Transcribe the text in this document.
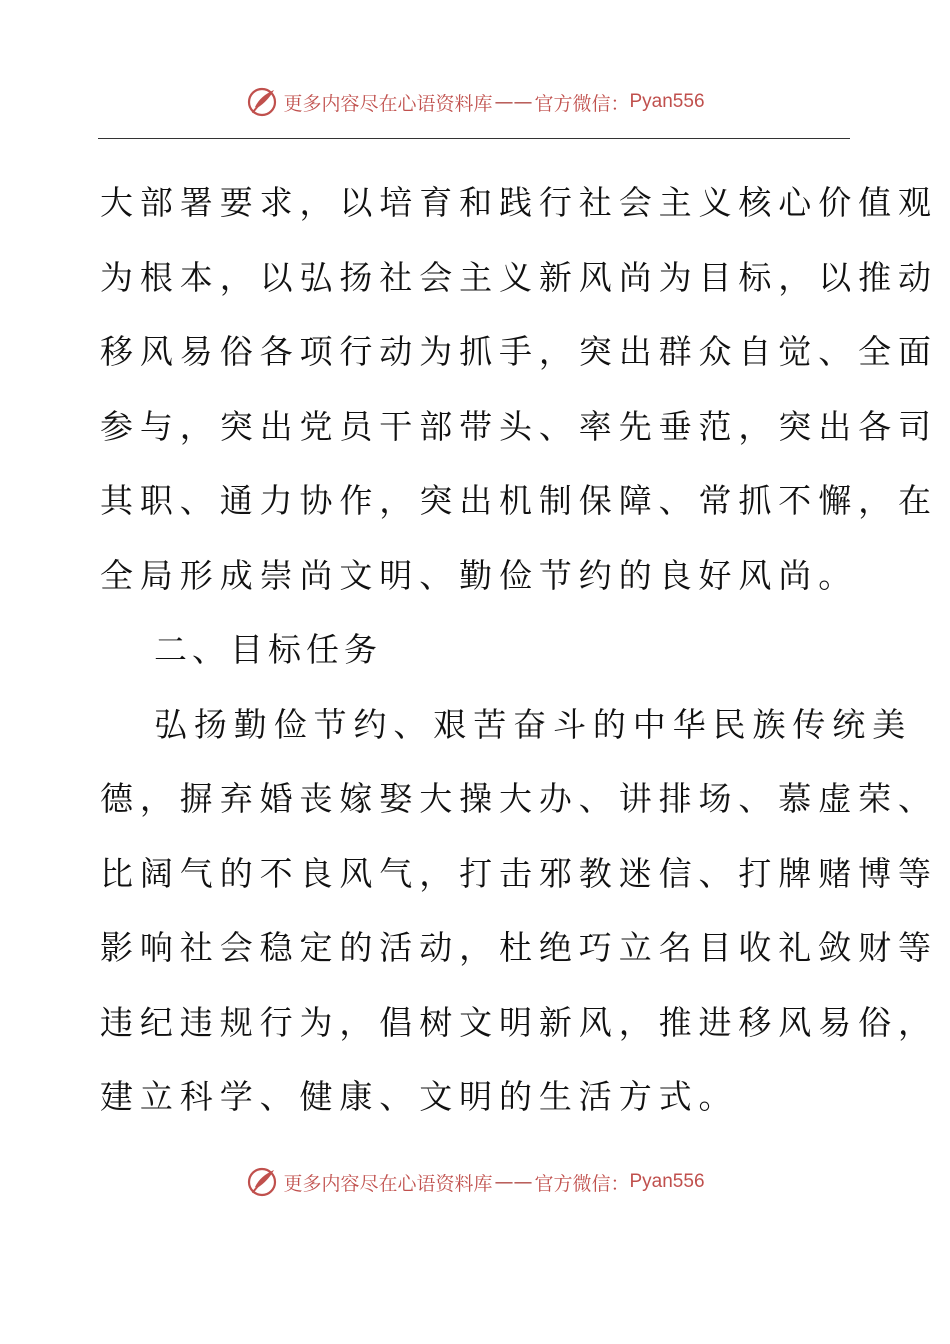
更多内容尽在心语资料库 —— 官方微信： Pyan556
大部署要求，以培育和践行社会主义核心价值观
为根本，以弘扬社会主义新风尚为目标，以推动
移风易俗各项行动为抓手，突出群众自觉、全面
参与，突出党员干部带头、率先垂范，突出各司
其职、通力协作，突出机制保障、常抓不懈，在
全局形成崇尚文明、勤俭节约的良好风尚。
二、目标任务
弘扬勤俭节约、艰苦奋斗的中华民族传统美
德，摒弃婚丧嫁娶大操大办、讲排场、慕虚荣、
比阔气的不良风气，打击邪教迷信、打牌赌博等
影响社会稳定的活动，杜绝巧立名目收礼敛财等
违纪违规行为，倡树文明新风，推进移风易俗，
建立科学、健康、文明的生活方式。
更多内容尽在心语资料库 —— 官方微信： Pyan556
